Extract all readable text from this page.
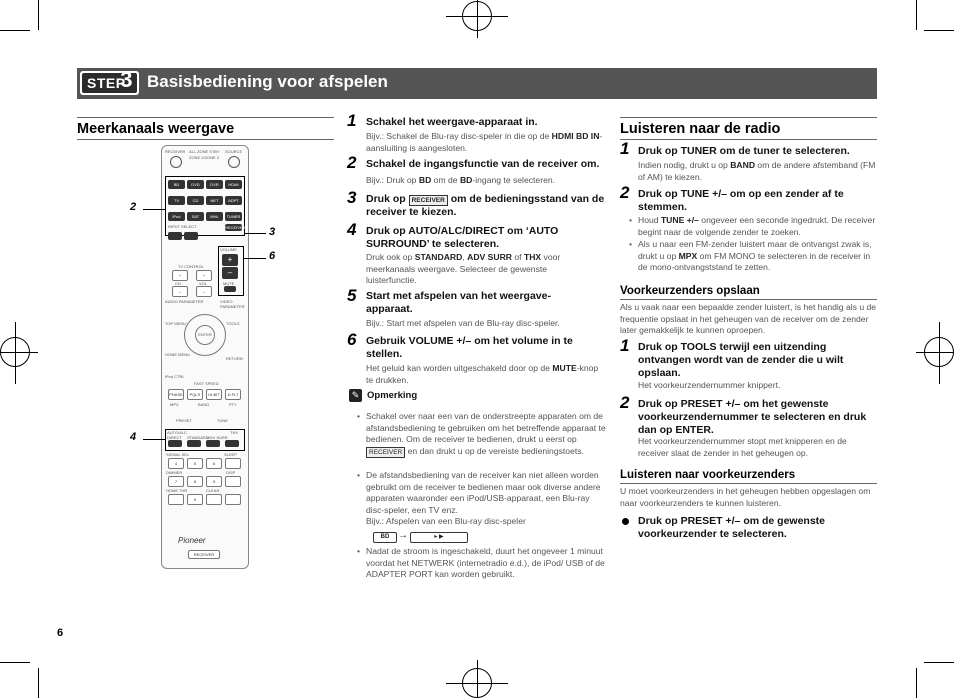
STEP
3 Basisbediening voor afspelen
Meerkanaals weergave
RECEIVER ALL ZONE STBY SOURCE
ZONE 2/ZONE 3
BD	DVD	DVR	HDMI
TV	CD	NET	ADPT
iPod	SAT	MHL	TUNER
INPUT SELECT	RECEIVER
VOLUME
+
–
MUTE
TV CONTROL
+	+
CH	VOL
–	–
AUDIO PARAMETER	VIDEO PARAMETER
TOP MENU	TOOLS
ENTER
HOME MENU
RETURN
iPod CTRL
FAST SPEED
PHASE	PQLS	HI-BIT	D.FLT
MPX	BAND	PTY
PRESET	TUNE
AUTO/ALC DIRECT	STANDARD
ADV SURR
THX
SIGNAL SEL	SLEEP
4	5	6
DIMMER	DISP
7	8	9
HOME THR	CLEAR
0
Pioneer
RECEIVER
2
3
6
4
1 Schakel het weergave-apparaat in.
Bijv.: Schakel de Blu-ray disc-speler in die op de HDMI BD IN-aansluiting is aangesloten.
2 Schakel de ingangsfunctie van de receiver om.
Bijv.: Druk op BD om de BD-ingang te selecteren.
3 Druk op RECEIVER om de bedieningsstand van de receiver te kiezen.
4 Druk op AUTO/ALC/DIRECT om ‘AUTO SURROUND’ te selecteren.
Druk ook op STANDARD, ADV SURR of THX voor meerkanaals weergave. Selecteer de gewenste luisterfunctie.
5 Start met afspelen van het weergave-apparaat.
Bijv.: Start met afspelen van de Blu-ray disc-speler.
6 Gebruik VOLUME +/– om het volume in te stellen.
Het geluid kan worden uitgeschakeld door op de MUTE-knop te drukken.
✎ Opmerking
• Schakel over naar een van de onderstreepte apparaten om de afstandsbediening te gebruiken om het betreffende apparaat te bedienen. Om de receiver te bedienen, drukt u eerst op RECEIVER en dan drukt u op de vereiste bedieningstoets.
• De afstandsbediening van de receiver kan niet alleen worden gebruikt om de receiver te bedienen maar ook diverse andere apparaten waaronder een iPod/USB-apparaat, een Blu-ray disc-speler, een TV enz.
Bijv.: Afspelen van een Blu-ray disc-speler
BD →	▸ ▶
• Nadat de stroom is ingeschakeld, duurt het ongeveer 1 minuut voordat het NETWERK (internetradio e.d.), de iPod/ USB of de ADAPTER PORT kan worden gebruikt.
Luisteren naar de radio
1 Druk op TUNER om de tuner te selecteren.
Indien nodig, drukt u op BAND om de andere afstemband (FM of AM) te kiezen.
2 Druk op TUNE +/– om op een zender af te stemmen.
• Houd TUNE +/– ongeveer een seconde ingedrukt. De receiver begint naar de volgende zender te zoeken.
• Als u naar een FM-zender luistert maar de ontvangst zwak is, drukt u op MPX om FM MONO te selecteren in de receiver in de mono-ontvangststand te zetten.
Voorkeurzenders opslaan
Als u vaak naar een bepaalde zender luistert, is het handig als u de frequentie opslaat in het geheugen van de receiver om de zender later gemakkelijk te kunnen oproepen.
1 Druk op TOOLS terwijl een uitzending ontvangen wordt van de zender die u wilt opslaan.
Het voorkeurzendernummer knippert.
2 Druk op PRESET +/– om het gewenste voorkeurzendernummer te selecteren en druk dan op ENTER.
Het voorkeurzendernummer stopt met knipperen en de receiver slaat de zender in het geheugen op.
Luisteren naar voorkeurzenders
U moet voorkeurzenders in het geheugen hebben opgeslagen om naar voorkeurzenders te kunnen luisteren.
Druk op PRESET +/– om de gewenste voorkeurzender te selecteren.
6
